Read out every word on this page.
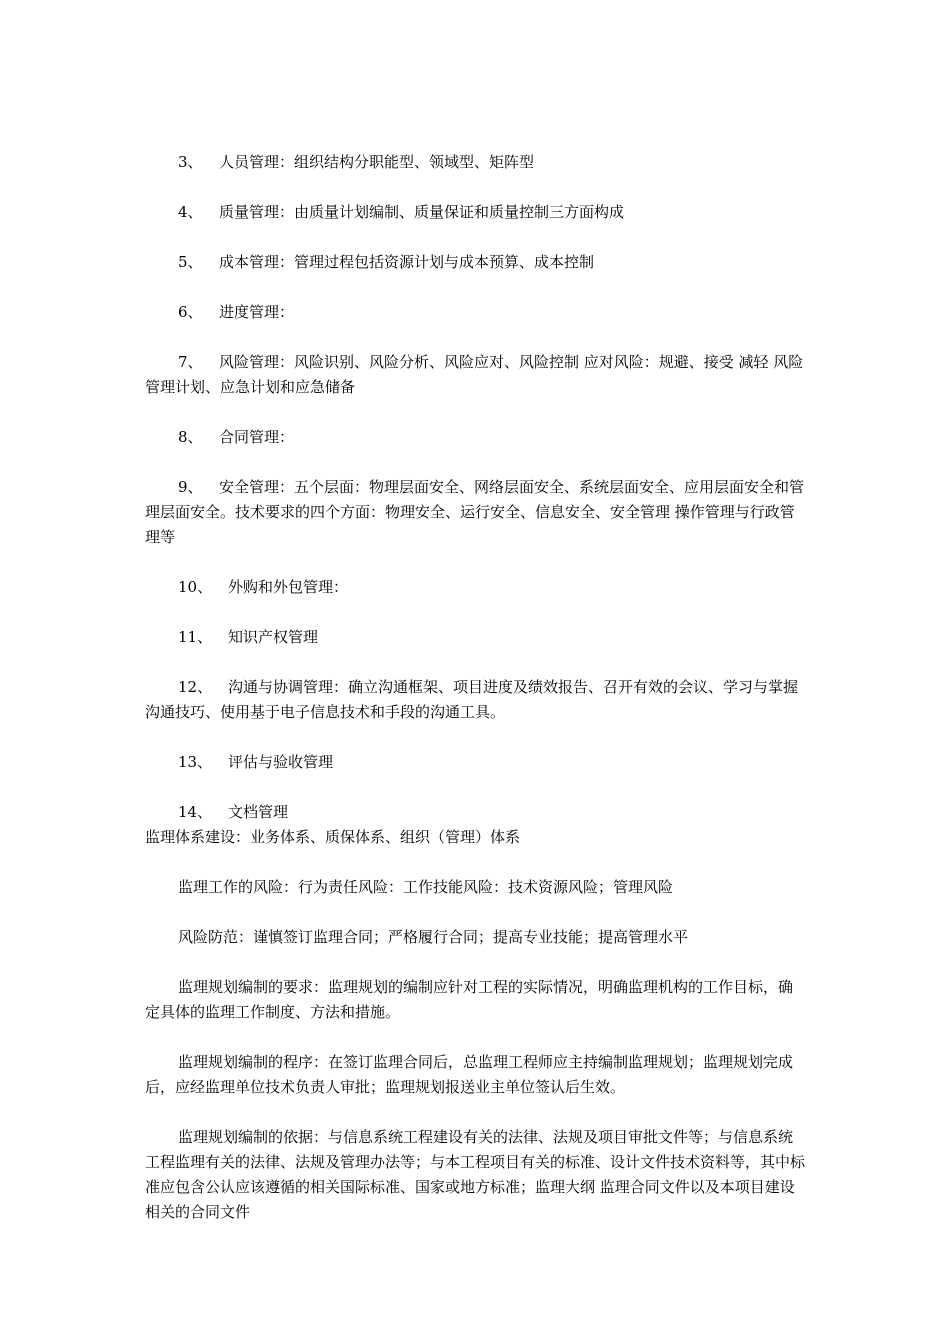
3、 人员管理：组织结构分职能型、领域型、矩阵型

4、 质量管理：由质量计划编制、质量保证和质量控制三方面构成

5、 成本管理：管理过程包括资源计划与成本预算、成本控制

6、 进度管理：

7、 风险管理：风险识别、风险分析、风险应对、风险控制 应对风险：规避、接受 减轻 风险管理计划、应急计划和应急储备

8、 合同管理：

9、 安全管理：五个层面：物理层面安全、网络层面安全、系统层面安全、应用层面安全和管理层面安全。技术要求的四个方面：物理安全、运行安全、信息安全、安全管理 操作管理与行政管理等

10、 外购和外包管理：

11、 知识产权管理

12、 沟通与协调管理：确立沟通框架、项目进度及绩效报告、召开有效的会议、学习与掌握沟通技巧、使用基于电子信息技术和手段的沟通工具。

13、 评估与验收管理

14、 文档管理

监理体系建设：业务体系、质保体系、组织（管理）体系

监理工作的风险：行为责任风险：工作技能风险：技术资源风险；管理风险

风险防范：谨慎签订监理合同；严格履行合同；提高专业技能；提高管理水平

监理规划编制的要求：监理规划的编制应针对工程的实际情况，明确监理机构的工作目标，确定具体的监理工作制度、方法和措施。

监理规划编制的程序：在签订监理合同后，总监理工程师应主持编制监理规划；监理规划完成后，应经监理单位技术负责人审批；监理规划报送业主单位签认后生效。

监理规划编制的依据：与信息系统工程建设有关的法律、法规及项目审批文件等；与信息系统工程监理有关的法律、法规及管理办法等；与本工程项目有关的标准、设计文件技术资料等，其中标准应包含公认应该遵循的相关国际标准、国家或地方标准；监理大纲 监理合同文件以及本项目建设相关的合同文件
